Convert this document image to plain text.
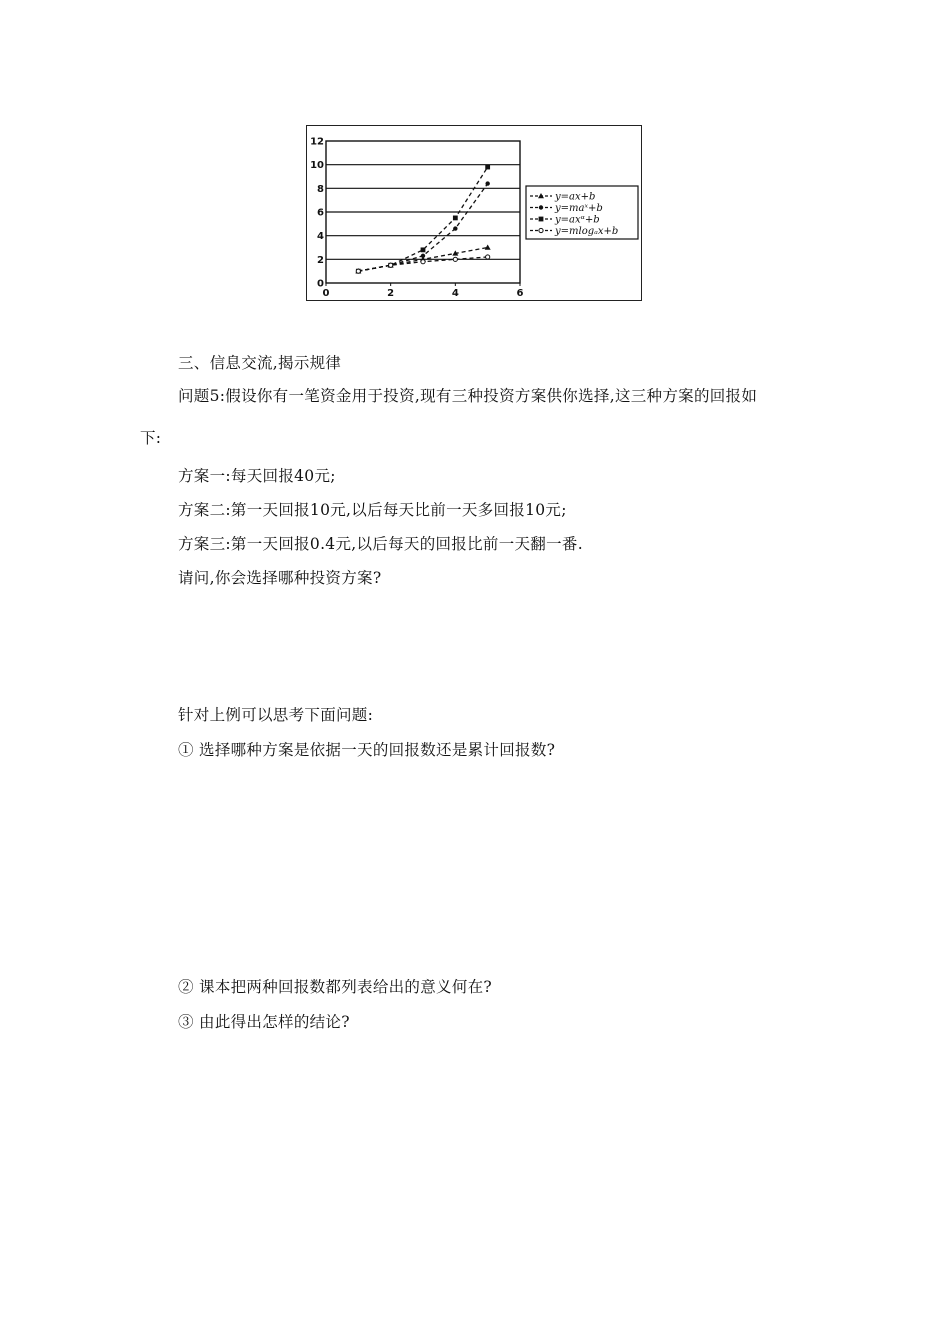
0
2
4
6
8
10
12
0	2	4	6
y=ax+b
y=maˣ+b
y=axᵅ+b
y=mlogₐx+b
三、信息交流,揭示规律
问题5:假设你有一笔资金用于投资,现有三种投资方案供你选择,这三种方案的回报如
下:
方案一:每天回报40元;
方案二:第一天回报10元,以后每天比前一天多回报10元;
方案三:第一天回报0.4元,以后每天的回报比前一天翻一番.
请问,你会选择哪种投资方案?
针对上例可以思考下面问题:
① 选择哪种方案是依据一天的回报数还是累计回报数?
② 课本把两种回报数都列表给出的意义何在?
③ 由此得出怎样的结论?
